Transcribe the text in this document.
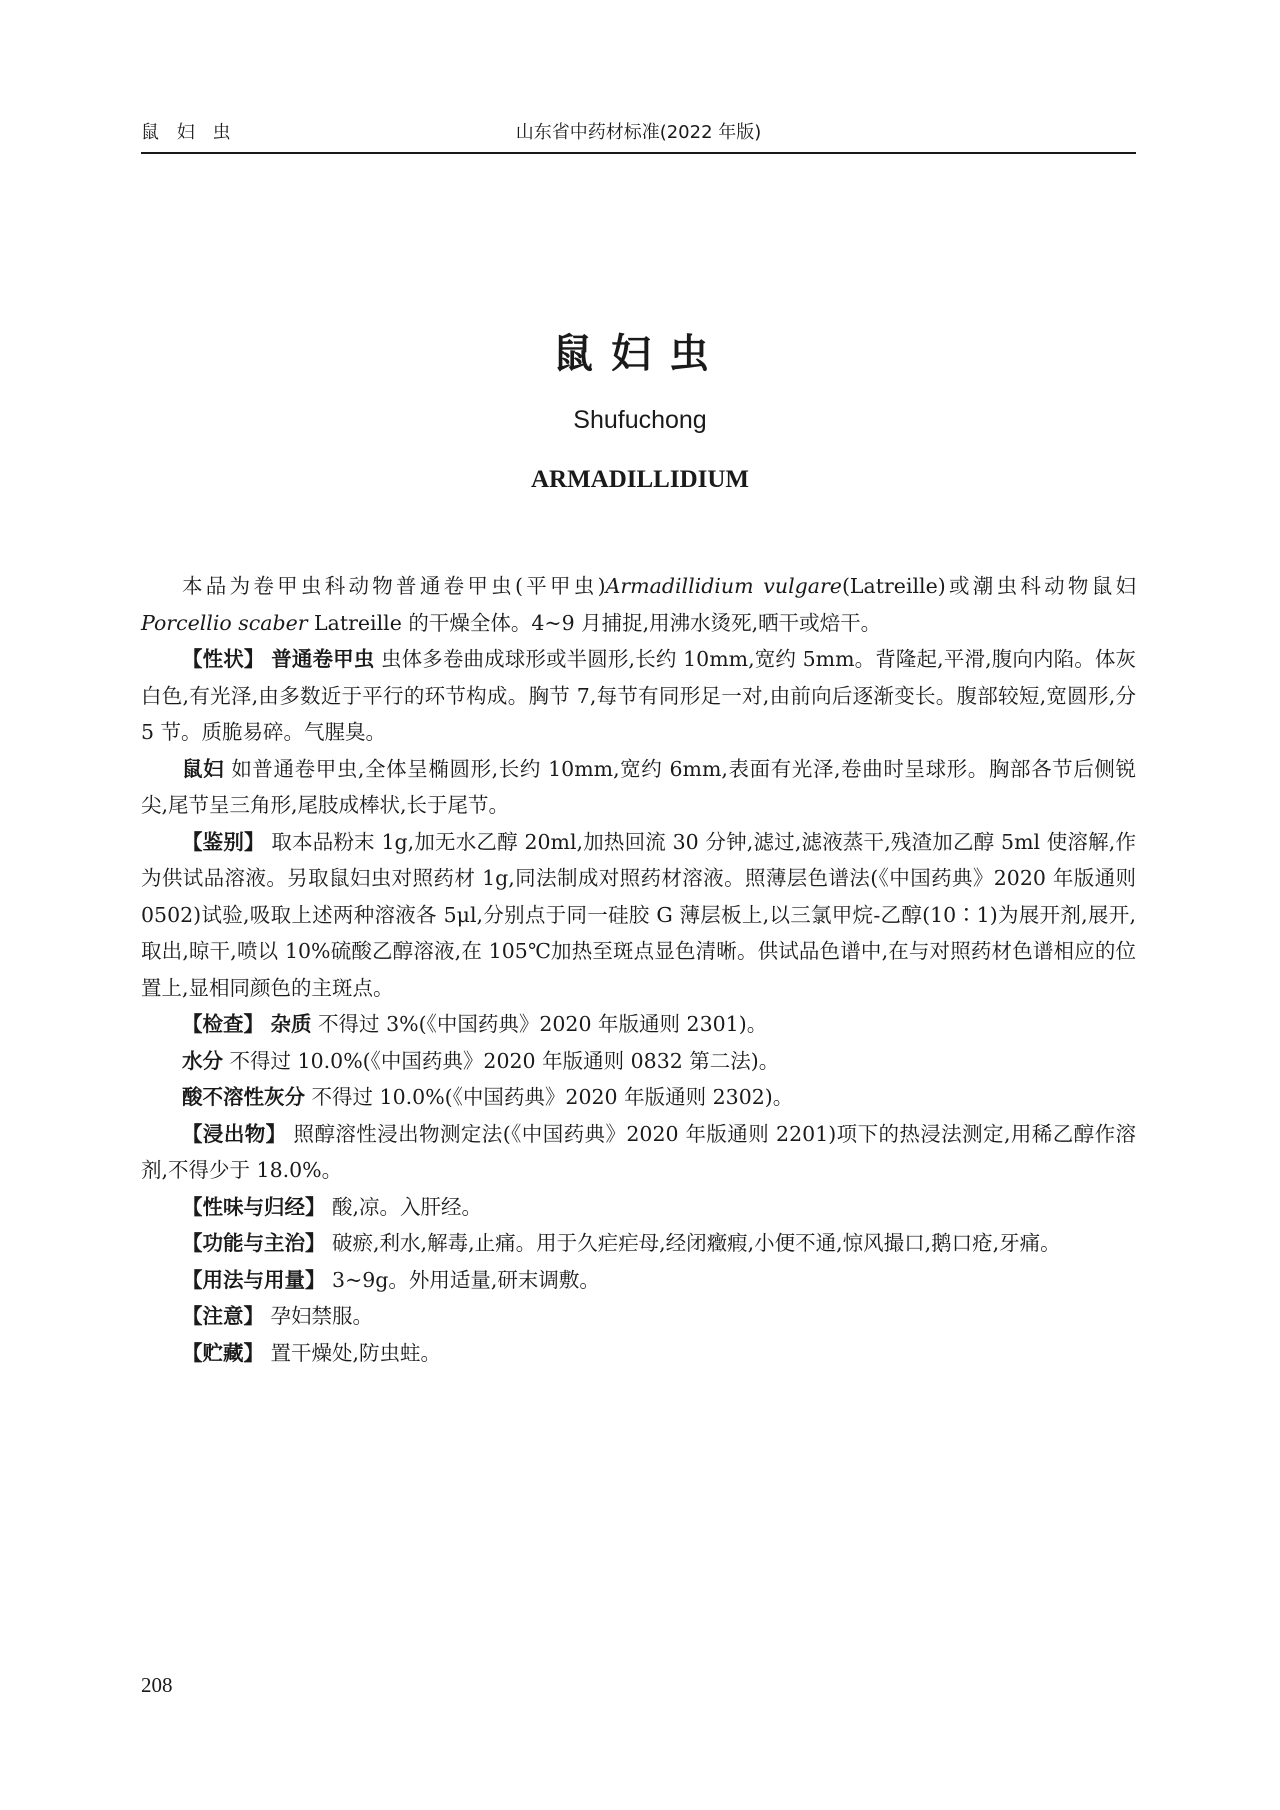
鼠 妇 虫	山东省中药材标准(2022 年版)
鼠妇虫
Shufuchong
ARMADILLIDIUM

本品为卷甲虫科动物普通卷甲虫(平甲虫)Armadillidium vulgare(Latreille)或潮虫科动物鼠妇 Porcellio scaber Latreille 的干燥全体。4~9 月捕捉,用沸水烫死,晒干或焙干。

【性状】 普通卷甲虫 虫体多卷曲成球形或半圆形,长约 10mm,宽约 5mm。背隆起,平滑,腹向内陷。体灰白色,有光泽,由多数近于平行的环节构成。胸节 7,每节有同形足一对,由前向后逐渐变长。腹部较短,宽圆形,分 5 节。质脆易碎。气腥臭。

鼠妇 如普通卷甲虫,全体呈椭圆形,长约 10mm,宽约 6mm,表面有光泽,卷曲时呈球形。胸部各节后侧锐尖,尾节呈三角形,尾肢成棒状,长于尾节。

【鉴别】 取本品粉末 1g,加无水乙醇 20ml,加热回流 30 分钟,滤过,滤液蒸干,残渣加乙醇 5ml 使溶解,作为供试品溶液。另取鼠妇虫对照药材 1g,同法制成对照药材溶液。照薄层色谱法(《中国药典》2020 年版通则 0502)试验,吸取上述两种溶液各 5μl,分别点于同一硅胶 G 薄层板上,以三氯甲烷-乙醇(10∶1)为展开剂,展开,取出,晾干,喷以 10%硫酸乙醇溶液,在 105℃加热至斑点显色清晰。供试品色谱中,在与对照药材色谱相应的位置上,显相同颜色的主斑点。

【检查】 杂质 不得过 3%(《中国药典》2020 年版通则 2301)。

水分 不得过 10.0%(《中国药典》2020 年版通则 0832 第二法)。

酸不溶性灰分 不得过 10.0%(《中国药典》2020 年版通则 2302)。

【浸出物】 照醇溶性浸出物测定法(《中国药典》2020 年版通则 2201)项下的热浸法测定,用稀乙醇作溶剂,不得少于 18.0%。

【性味与归经】 酸,凉。入肝经。

【功能与主治】 破瘀,利水,解毒,止痛。用于久疟疟母,经闭癥瘕,小便不通,惊风撮口,鹅口疮,牙痛。

【用法与用量】 3~9g。外用适量,研末调敷。

【注意】 孕妇禁服。

【贮藏】 置干燥处,防虫蛀。

208
